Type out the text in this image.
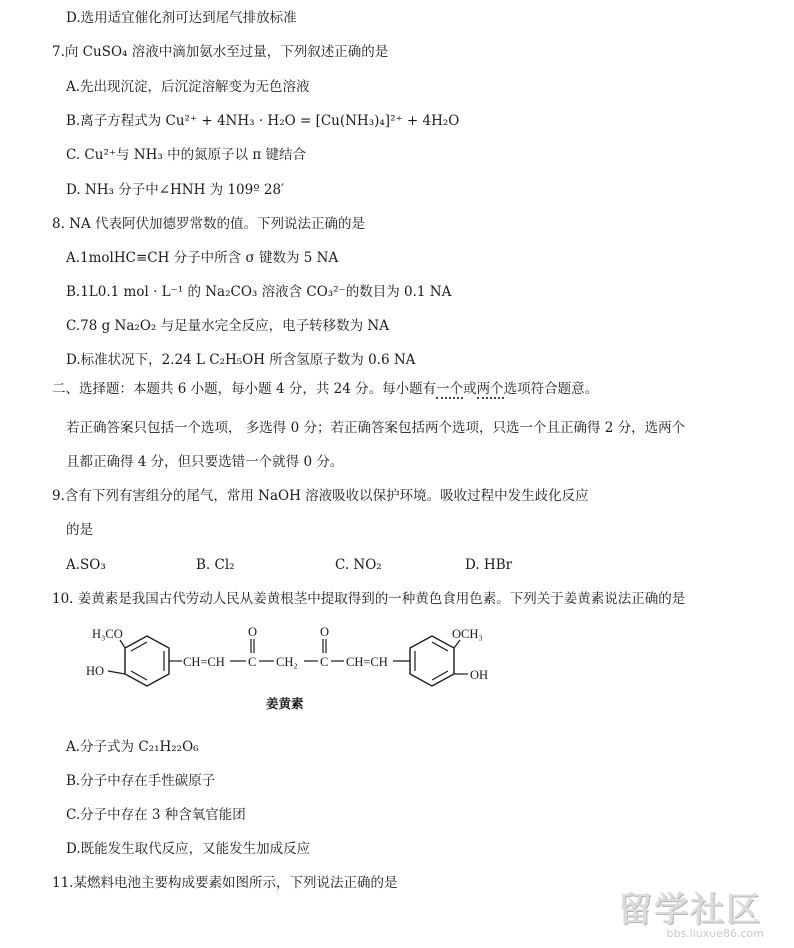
D.选用适宜催化剂可达到尾气排放标准
7.向 CuSO₄ 溶液中滴加氨水至过量，下列叙述正确的是
A.先出现沉淀，后沉淀溶解变为无色溶液
B.离子方程式为 Cu²⁺ + 4NH₃ · H₂O = [Cu(NH₃)₄]²⁺ + 4H₂O
C. Cu²⁺与 NH₃ 中的氮原子以 π 键结合
D. NH₃ 分子中∠HNH 为 109º 28′
8. NA 代表阿伏加德罗常数的值。下列说法正确的是
A.1molHC≡CH 分子中所含 σ 键数为 5 NA
B.1L0.1 mol · L⁻¹ 的 Na₂CO₃ 溶液含 CO₃²⁻的数目为 0.1 NA
C.78 g Na₂O₂ 与足量水完全反应，电子转移数为 NA
D.标准状况下，2.24 L C₂H₅OH 所含氢原子数为 0.6 NA
二、选择题：本题共 6 小题，每小题 4 分，共 24 分。每小题有一个或两个选项符合题意。
若正确答案只包括一个选项， 多选得 0 分；若正确答案包括两个选项，只选一个且正确得 2 分，选两个
且都正确得 4 分，但只要选错一个就得 0 分。
9.含有下列有害组分的尾气，常用 NaOH 溶液吸收以保护环境。吸收过程中发生歧化反应
的是
A.SO₃	B. Cl₂	C. NO₂	D. HBr
10. 姜黄素是我国古代劳动人民从姜黄根茎中提取得到的一种黄色食用色素。下列关于姜黄素说法正确的是
H₃CO
HO
CH=CH C
O
CH₂ C
O
CH=CH
OCH₃
OH
姜黄素
A.分子式为 C₂₁H₂₂O₆
B.分子中存在手性碳原子
C.分子中存在 3 种含氧官能团
D.既能发生取代反应，又能发生加成反应
11.某燃料电池主要构成要素如图所示，下列说法正确的是
留学社区
bbs.liuxue86.com
